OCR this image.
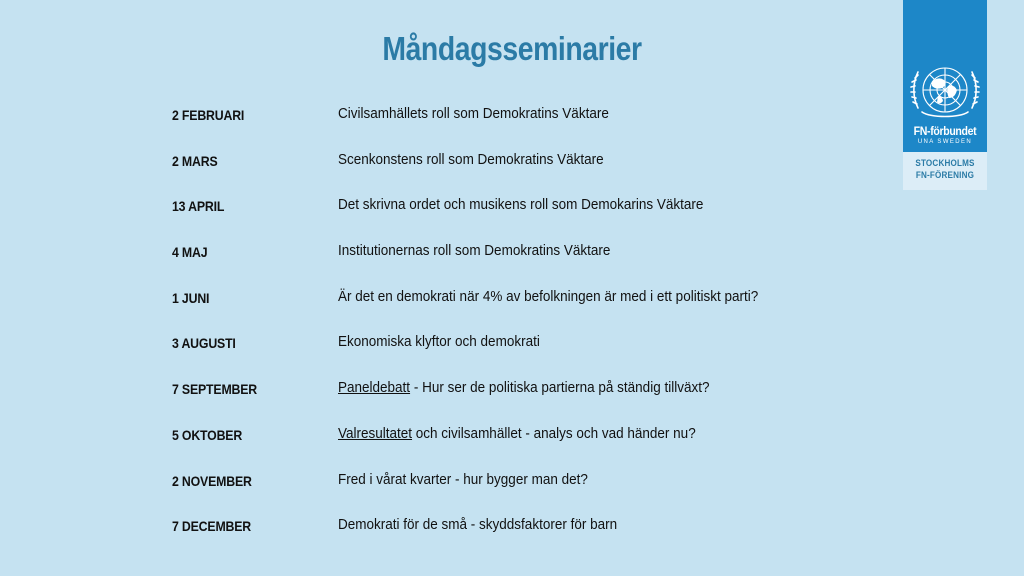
Måndagsseminarier
2 FEBRUARI	Civilsamhällets roll som Demokratins Väktare
2 MARS	Scenkonstens roll som Demokratins Väktare
13 APRIL	Det skrivna ordet och musikens roll som Demokarins Väktare
4 MAJ	Institutionernas roll som Demokratins Väktare
1 JUNI	Är det en demokrati när 4% av befolkningen är med i ett politiskt parti?
3 AUGUSTI	Ekonomiska klyftor och demokrati
7 SEPTEMBER	Paneldebatt - Hur ser de politiska partierna på ständig tillväxt?
5 OKTOBER	Valresultatet och civilsamhället - analys och vad händer nu?
2 NOVEMBER	Fred i vårat kvarter - hur bygger man det?
7 DECEMBER	Demokrati för de små - skyddsfaktorer för barn
FN-förbundet
UNA SWEDEN
STOCKHOLMS
FN-FÖRENING
